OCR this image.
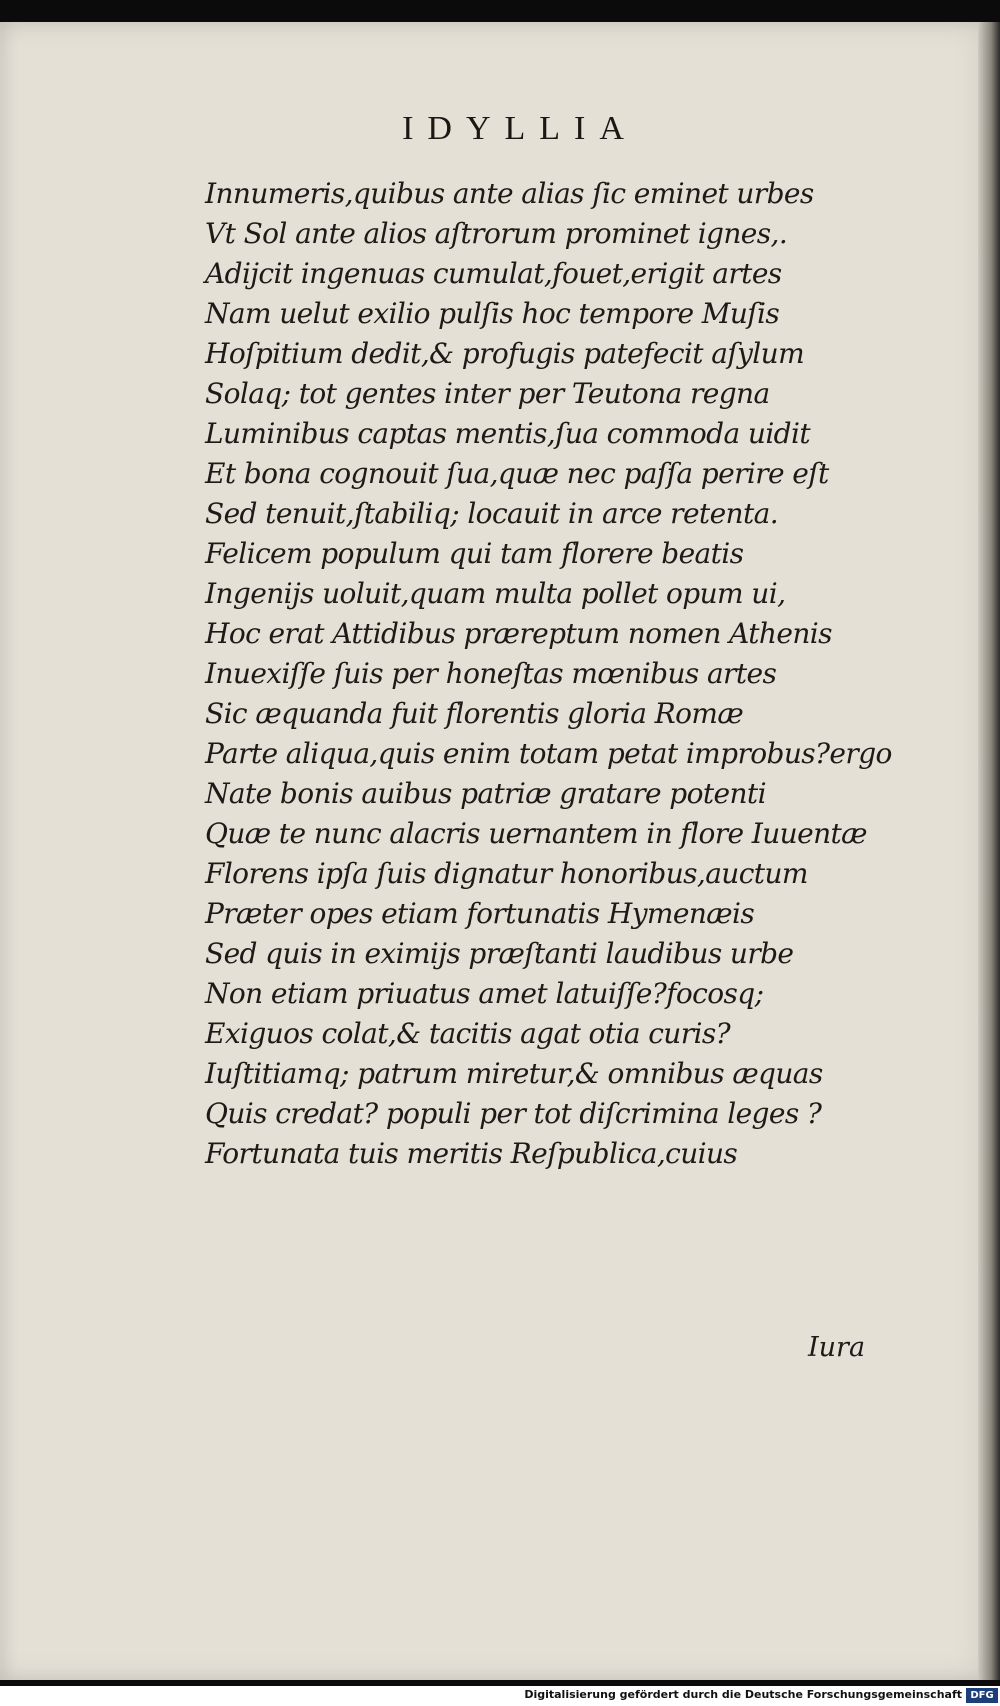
IDYLLIA
Innumeris,quibus ante alias ſic eminet urbes
Vt Sol ante alios aſtrorum prominet ignes,.
Adijcit ingenuas cumulat,fouet,erigit artes
Nam uelut exilio pulſis hoc tempore Muſis
Hoſpitium dedit,& profugis patefecit aſylum
Solaq; tot gentes inter per Teutona regna
Luminibus captas mentis,ſua commoda uidit
Et bona cognouit ſua,quæ nec paſſa perire eſt
Sed tenuit,ſtabiliq; locauit in arce retenta.
Felicem populum qui tam florere beatis
Ingenijs uoluit,quam multa pollet opum ui,
Hoc erat Attidibus præreptum nomen Athenis
Inuexiſſe ſuis per honeſtas mœnibus artes
Sic æquanda fuit florentis gloria Romæ
Parte aliqua,quis enim totam petat improbus?ergo
Nate bonis auibus patriæ gratare potenti
Quæ te nunc alacris uernantem in flore Iuuentæ
Florens ipſa ſuis dignatur honoribus,auctum
Præter opes etiam fortunatis Hymenæis
Sed quis in eximijs præſtanti laudibus urbe
Non etiam priuatus amet latuiſſe?focosq;
Exiguos colat,& tacitis agat otia curis?
Iuſtitiamq; patrum miretur,& omnibus æquas
Quis credat? populi per tot diſcrimina leges ?
Fortunata tuis meritis Reſpublica,cuius
Iura
Digitalisierung gefördert durch die Deutsche Forschungsgemeinschaft DFG
